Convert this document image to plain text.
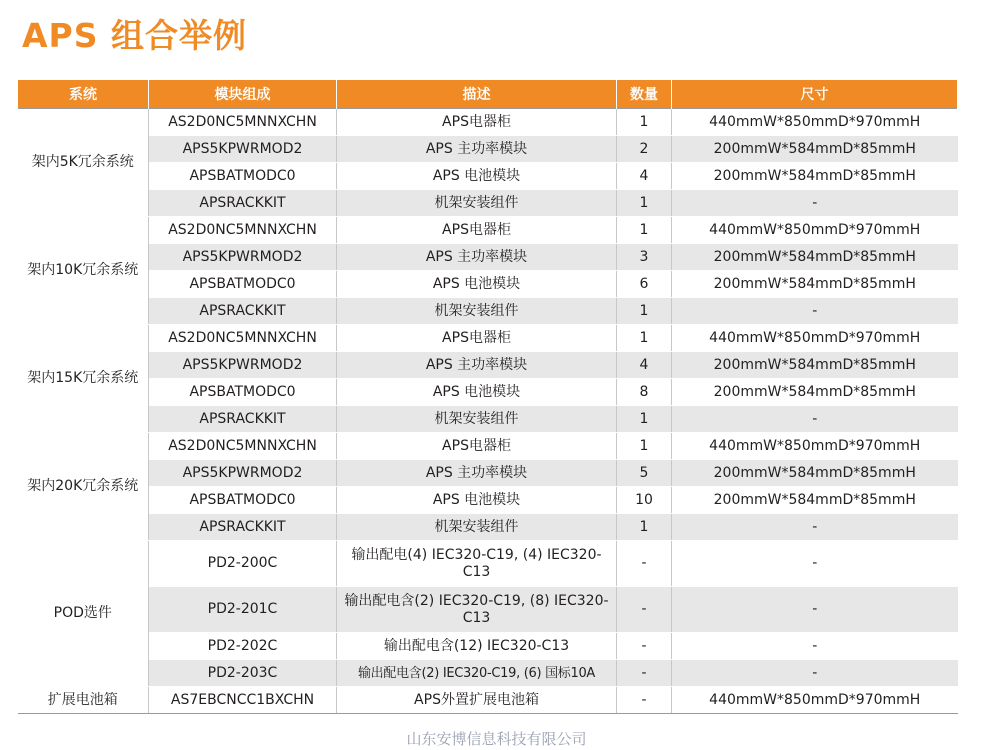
APS 组合举例
系统	模块组成	描述	数量	尺寸
架内5K冗余系统	AS2D0NC5MNNXCHN	APS电器柜	1	440mmW*850mmD*970mmH
	APS5KPWRMOD2	APS 主功率模块	2	200mmW*584mmD*85mmH
	APSBATMODC0	APS 电池模块	4	200mmW*584mmD*85mmH
	APSRACKKIT	机架安装组件	1	-
架内10K冗余系统	AS2D0NC5MNNXCHN	APS电器柜	1	440mmW*850mmD*970mmH
	APS5KPWRMOD2	APS 主功率模块	3	200mmW*584mmD*85mmH
	APSBATMODC0	APS 电池模块	6	200mmW*584mmD*85mmH
	APSRACKKIT	机架安装组件	1	-
架内15K冗余系统	AS2D0NC5MNNXCHN	APS电器柜	1	440mmW*850mmD*970mmH
	APS5KPWRMOD2	APS 主功率模块	4	200mmW*584mmD*85mmH
	APSBATMODC0	APS 电池模块	8	200mmW*584mmD*85mmH
	APSRACKKIT	机架安装组件	1	-
架内20K冗余系统	AS2D0NC5MNNXCHN	APS电器柜	1	440mmW*850mmD*970mmH
	APS5KPWRMOD2	APS 主功率模块	5	200mmW*584mmD*85mmH
	APSBATMODC0	APS 电池模块	10	200mmW*584mmD*85mmH
	APSRACKKIT	机架安装组件	1	-
POD选件	PD2-200C	输出配电(4) IEC320-C19, (4) IEC320-C13	-	-
	PD2-201C	输出配电含(2) IEC320-C19, (8) IEC320-C13	-	-
	PD2-202C	输出配电含(12) IEC320-C13	-	-
	PD2-203C	输出配电含(2) IEC320-C19, (6) 国标10A	-	-
扩展电池箱	AS7EBCNCC1BXCHN	APS外置扩展电池箱	-	440mmW*850mmD*970mmH
山东安博信息科技有限公司
